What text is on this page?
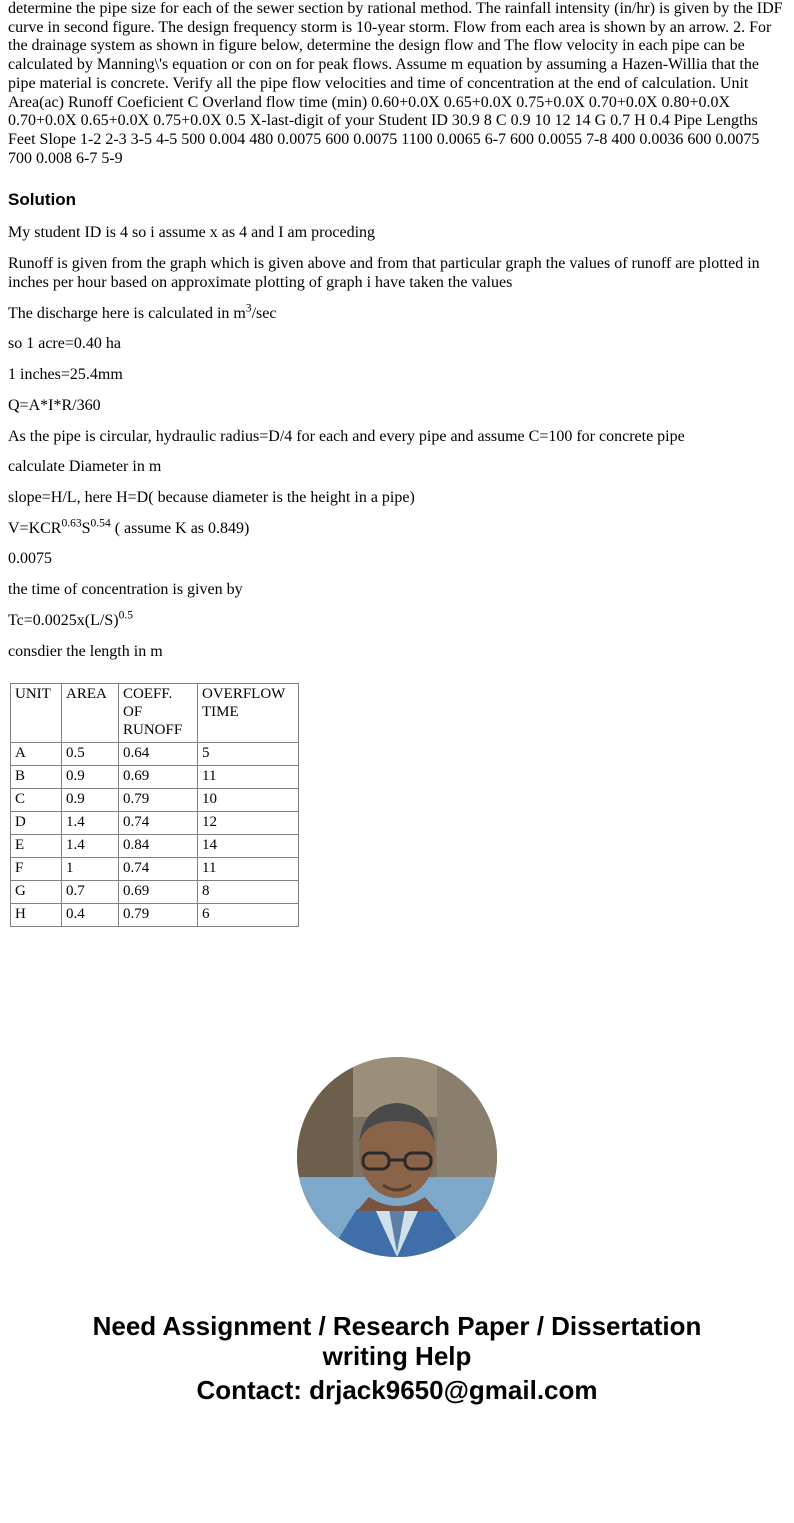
determine the pipe size for each of the sewer section by rational method. The rainfall intensity (in/hr) is given by the IDF curve in second figure. The design frequency storm is 10-year storm. Flow from each area is shown by an arrow. 2. For the drainage system as shown in figure below, determine the design flow and The flow velocity in each pipe can be calculated by Manning\'s equation or con on for peak flows. Assume m equation by assuming a Hazen-Willia that the pipe material is concrete. Verify all the pipe flow velocities and time of concentration at the end of calculation. Unit Area(ac) Runoff Coeficient C Overland flow time (min) 0.60+0.0X 0.65+0.0X 0.75+0.0X 0.70+0.0X 0.80+0.0X 0.70+0.0X 0.65+0.0X 0.75+0.0X 0.5 X-last-digit of your Student ID 30.9 8 C 0.9 10 12 14 G 0.7 H 0.4 Pipe Lengths Feet Slope 1-2 2-3 3-5 4-5 500 0.004 480 0.0075 600 0.0075 1100 0.0065 6-7 600 0.0055 7-8 400 0.0036 600 0.0075 700 0.008 6-7 5-9

Solution

My student ID is 4 so i assume x as 4 and I am proceding

Runoff is given from the graph which is given above and from that particular graph the values of runoff are plotted in inches per hour based on approximate plotting of graph i have taken the values

The discharge here is calculated in $m^3/\sec$

so 1 acre=0.40 ha

1 inches=25.4mm

Q=A*I*R/360

As the pipe is circular, hydraulic radius=D/4 for each and every pipe and assume C=100 for concrete pipe

calculate Diameter in m

slope=H/L, here H=D( because diameter is the height in a pipe)

$V=KCR^{0.63}S^{0.54}$ ( assume K as 0.849)

0.0075

the time of concentration is given by

$Tc=0.0025x(L/S)^{0.5}$

consdier the length in m

UNIT	AREA	COEFF. OF RUNOFF	OVERFLOW TIME
A	0.5	0.64	5
B	0.9	0.69	11
C	0.9	0.79	10
D	1.4	0.74	12
E	1.4	0.84	14
F	1	0.74	11
G	0.7	0.69	8
H	0.4	0.79	6
Need Assignment / Research Paper / Dissertation
writing Help
Contact: drjack9650@gmail.com
